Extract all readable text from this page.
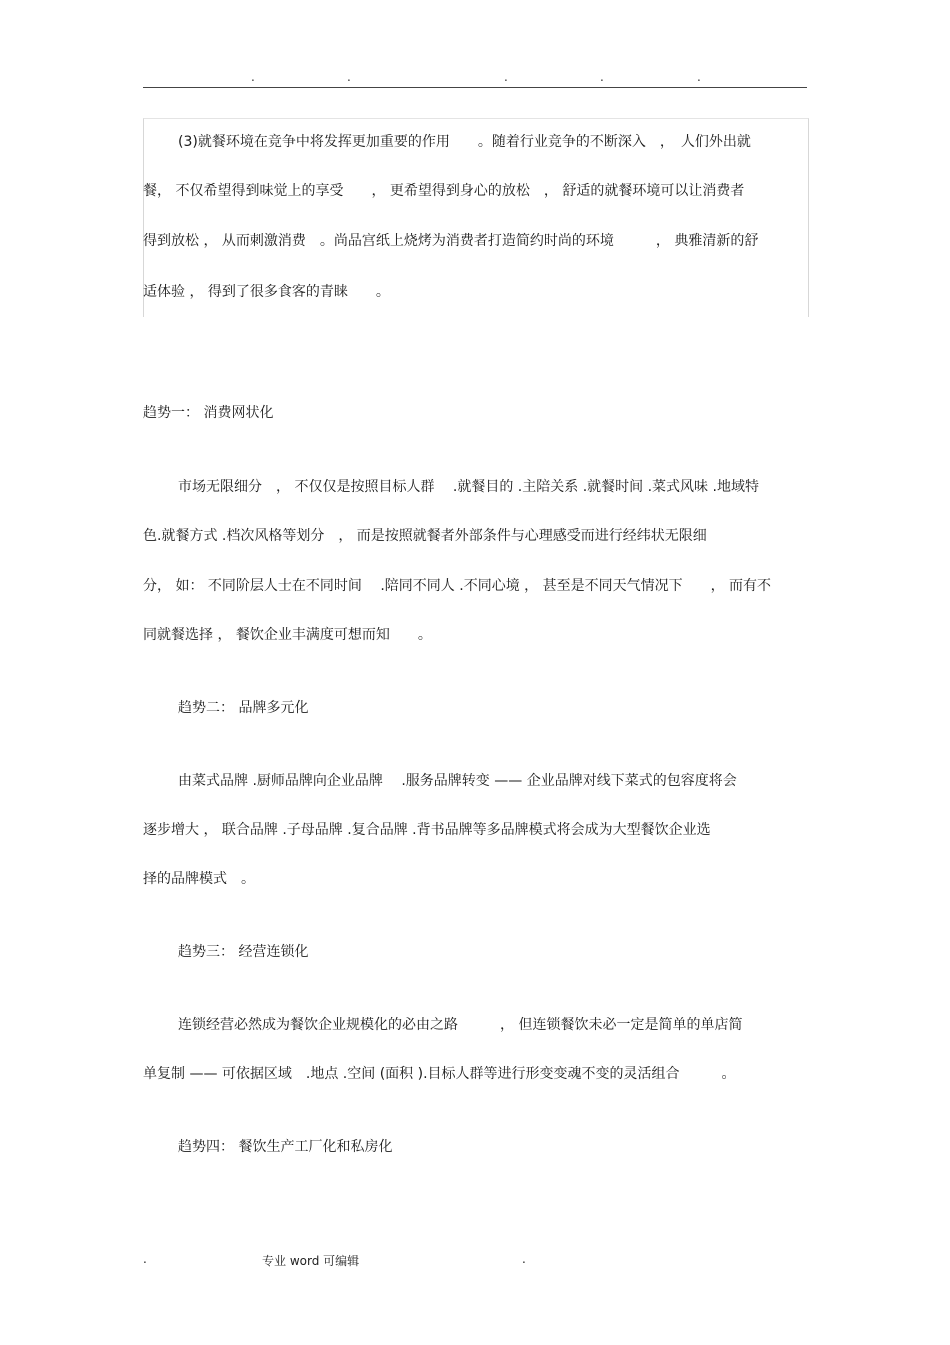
.	.	.	.	.
(3)就餐环境在竞争中将发挥更加重要的作用　　。随着行业竞争的不断深入　，　人们外出就
餐， 不仅希望得到味觉上的享受　　， 更希望得到身心的放松　， 舒适的就餐环境可以让消费者
得到放松 ， 从而刺激消费　。尚品宫纸上烧烤为消费者打造简约时尚的环境　　　， 典雅清新的舒
适体验 ， 得到了很多食客的青睐　　。
趋势一： 消费网状化
市场无限细分　， 不仅仅是按照目标人群　 .就餐目的 .主陪关系 .就餐时间 .菜式风味 .地域特
色.就餐方式 .档次风格等划分　， 而是按照就餐者外部条件与心理感受而进行经纬状无限细
分， 如： 不同阶层人士在不同时间　 .陪同不同人 .不同心境 ， 甚至是不同天气情况下　　， 而有不
同就餐选择 ， 餐饮企业丰满度可想而知　　。
趋势二： 品牌多元化
由菜式品牌 .厨师品牌向企业品牌　 .服务品牌转变 —— 企业品牌对线下菜式的包容度将会
逐步增大 ， 联合品牌 .子母品牌 .复合品牌 .背书品牌等多品牌模式将会成为大型餐饮企业选
择的品牌模式　。
趋势三： 经营连锁化
连锁经营必然成为餐饮企业规模化的必由之路　　　， 但连锁餐饮未必一定是简单的单店简
单复制 —— 可依据区域　.地点 .空间 (面积 ).目标人群等进行形变变魂不变的灵活组合　　　。
趋势四： 餐饮生产工厂化和私房化
.	专业 word 可编辑	.
